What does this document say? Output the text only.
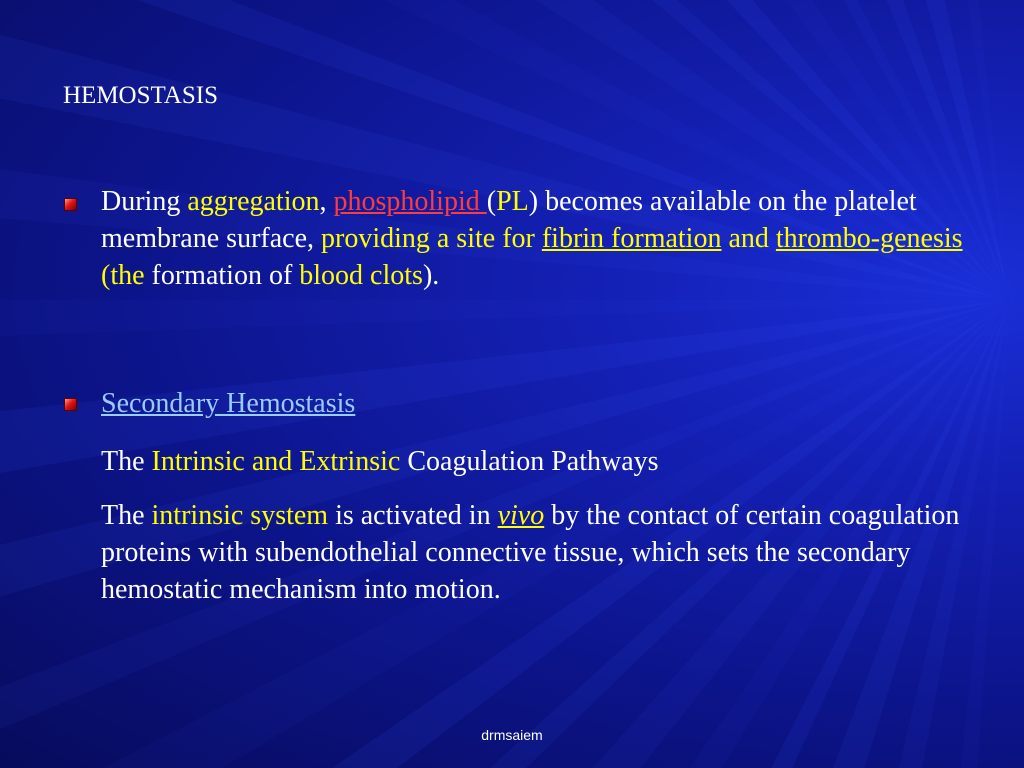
HEMOSTASIS
During aggregation, phospholipid (PL) becomes available on the platelet membrane surface, providing a site for fibrin formation and thrombo-genesis (the formation of blood clots).
Secondary Hemostasis
The Intrinsic and Extrinsic Coagulation Pathways
The intrinsic system is activated in vivo by the contact of certain coagulation proteins with subendothelial connective tissue, which sets the secondary hemostatic mechanism into motion.
drmsaiem
